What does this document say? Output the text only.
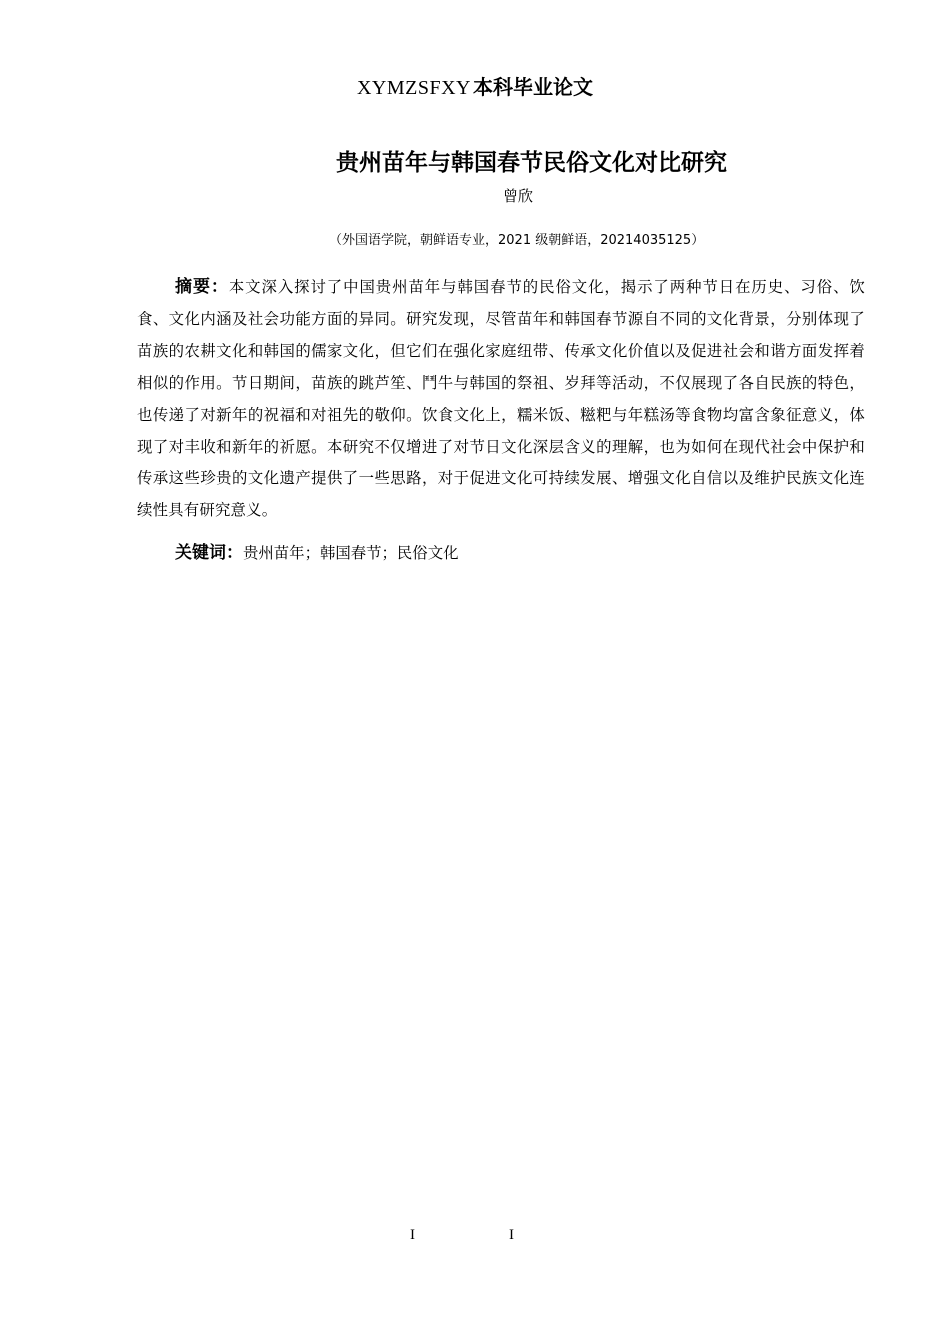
XYMZSFXY 本科毕业论文
贵州苗年与韩国春节民俗文化对比研究
曾欣
（外国语学院，朝鲜语专业，2021 级朝鲜语，20214035125）
摘要：本文深入探讨了中国贵州苗年与韩国春节的民俗文化，揭示了两种节日在历史、习俗、饮食、文化内涵及社会功能方面的异同。研究发现，尽管苗年和韩国春节源自不同的文化背景，分别体现了苗族的农耕文化和韩国的儒家文化，但它们在强化家庭纽带、传承文化价值以及促进社会和谐方面发挥着相似的作用。节日期间，苗族的跳芦笙、鬥牛与韩国的祭祖、岁拜等活动，不仅展现了各自民族的特色，也传递了对新年的祝福和对祖先的敬仰。饮食文化上，糯米饭、糍粑与年糕汤等食物均富含象征意义，体现了对丰收和新年的祈愿。本研究不仅增进了对节日文化深层含义的理解，也为如何在现代社会中保护和传承这些珍贵的文化遗产提供了一些思路，对于促进文化可持续发展、增强文化自信以及维护民族文化连续性具有研究意义。
关键词：贵州苗年；韩国春节；民俗文化
I	I
